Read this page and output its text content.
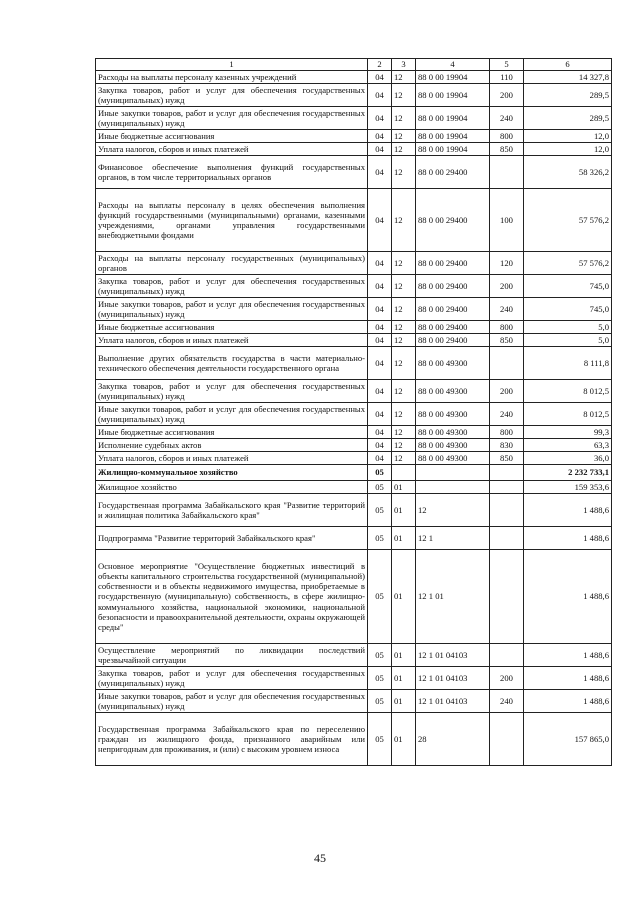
1	2	3	4	5	6
Расходы на выплаты персоналу казенных учреждений	04	12	88 0 00 19904	110	14 327,8
Закупка товаров, работ и услуг для обеспечения государственных (муниципальных) нужд	04	12	88 0 00 19904	200	289,5
Иные закупки товаров, работ и услуг для обеспечения государственных (муниципальных) нужд	04	12	88 0 00 19904	240	289,5
Иные бюджетные ассигнования	04	12	88 0 00 19904	800	12,0
Уплата налогов, сборов и иных платежей	04	12	88 0 00 19904	850	12,0
Финансовое обеспечение выполнения функций государственных органов, в том числе территориальных органов	04	12	88 0 00 29400		58 326,2
Расходы на выплаты персоналу в целях обеспечения выполнения функций государственными (муниципальными) органами, казенными учреждениями, органами управления государственными внебюджетными фондами	04	12	88 0 00 29400	100	57 576,2
Расходы на выплаты персоналу государственных (муниципальных) органов	04	12	88 0 00 29400	120	57 576,2
Закупка товаров, работ и услуг для обеспечения государственных (муниципальных) нужд	04	12	88 0 00 29400	200	745,0
Иные закупки товаров, работ и услуг для обеспечения государственных (муниципальных) нужд	04	12	88 0 00 29400	240	745,0
Иные бюджетные ассигнования	04	12	88 0 00 29400	800	5,0
Уплата налогов, сборов и иных платежей	04	12	88 0 00 29400	850	5,0
Выполнение других обязательств государства в части материально-технического обеспечения деятельности государственного органа	04	12	88 0 00 49300		8 111,8
Закупка товаров, работ и услуг для обеспечения государственных (муниципальных) нужд	04	12	88 0 00 49300	200	8 012,5
Иные закупки товаров, работ и услуг для обеспечения государственных (муниципальных) нужд	04	12	88 0 00 49300	240	8 012,5
Иные бюджетные ассигнования	04	12	88 0 00 49300	800	99,3
Исполнение судебных актов	04	12	88 0 00 49300	830	63,3
Уплата налогов, сборов и иных платежей	04	12	88 0 00 49300	850	36,0
Жилищно-коммунальное хозяйство	05				2 232 733,1
Жилищное хозяйство	05	01			159 353,6
Государственная программа Забайкальского края "Развитие территорий и жилищная политика Забайкальского края"	05	01	12		1 488,6
Подпрограмма "Развитие территорий Забайкальского края"	05	01	12 1		1 488,6
Основное мероприятие "Осуществление бюджетных инвестиций в объекты капитального строительства государственной (муниципальной) собственности и в объекты недвижимого имущества, приобретаемые в государственную (муниципальную) собственность, в сфере жилищно-коммунального хозяйства, национальной экономики, национальной безопасности и правоохранительной деятельности, охраны окружающей среды"	05	01	12 1 01		1 488,6
Осуществление мероприятий по ликвидации последствий чрезвычайной ситуации	05	01	12 1 01 04103		1 488,6
Закупка товаров, работ и услуг для обеспечения государственных (муниципальных) нужд	05	01	12 1 01 04103	200	1 488,6
Иные закупки товаров, работ и услуг для обеспечения государственных (муниципальных) нужд	05	01	12 1 01 04103	240	1 488,6
Государственная программа Забайкальского края по переселению граждан из жилищного фонда, признанного аварийным или непригодным для проживания, и (или) с высоким уровнем износа	05	01	28		157 865,0
45
